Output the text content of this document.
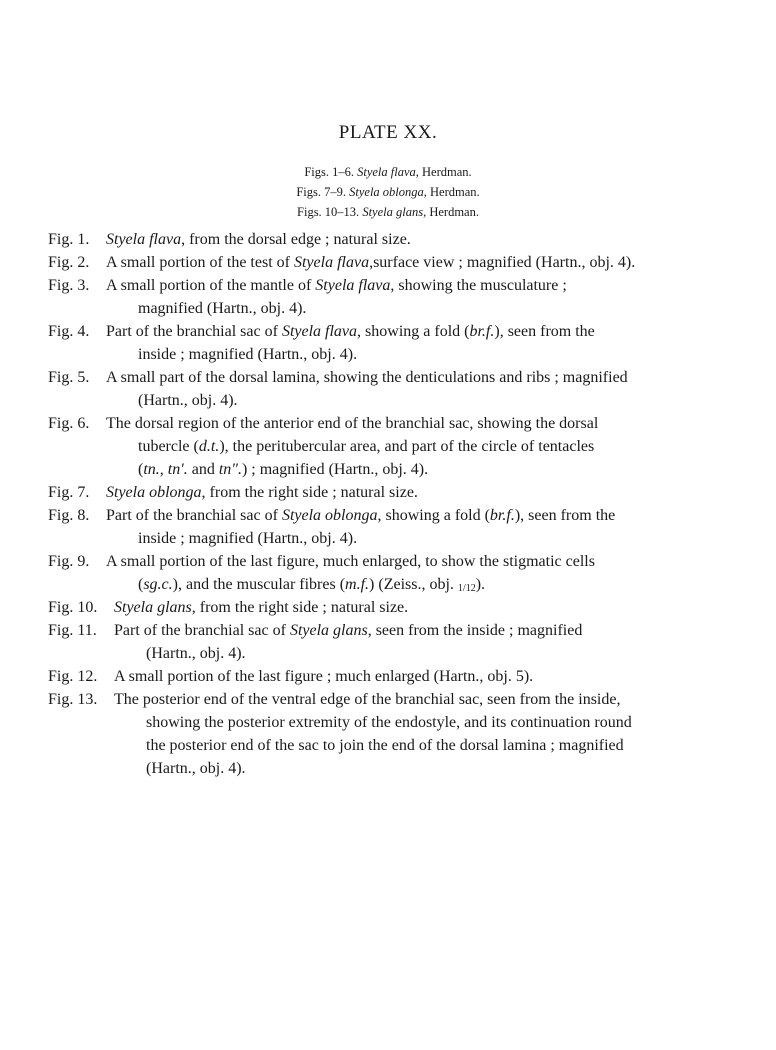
PLATE XX.
Figs. 1–6. Styela flava, Herdman.
Figs. 7–9. Styela oblonga, Herdman.
Figs. 10–13. Styela glans, Herdman.
Fig. 1.	Styela flava, from the dorsal edge ; natural size.
Fig. 2.	A small portion of the test of Styela flava,surface view ; magnified (Hartn., obj. 4).
Fig. 3.	A small portion of the mantle of Styela flava, showing the musculature ;
magnified (Hartn., obj. 4).
Fig. 4.	Part of the branchial sac of Styela flava, showing a fold (br.f.), seen from the
inside ; magnified (Hartn., obj. 4).
Fig. 5.	A small part of the dorsal lamina, showing the denticulations and ribs ; magnified
(Hartn., obj. 4).
Fig. 6.	The dorsal region of the anterior end of the branchial sac, showing the dorsal
tubercle (d.t.), the peritubercular area, and part of the circle of tentacles
(tn., tn′. and tn″.) ; magnified (Hartn., obj. 4).
Fig. 7.	Styela oblonga, from the right side ; natural size.
Fig. 8.	Part of the branchial sac of Styela oblonga, showing a fold (br.f.), seen from the
inside ; magnified (Hartn., obj. 4).
Fig. 9.	A small portion of the last figure, much enlarged, to show the stigmatic cells
(sg.c.), and the muscular fibres (m.f.) (Zeiss., obj. 1/12).
Fig. 10.	Styela glans, from the right side ; natural size.
Fig. 11.	Part of the branchial sac of Styela glans, seen from the inside ; magnified
(Hartn., obj. 4).
Fig. 12.	A small portion of the last figure ; much enlarged (Hartn., obj. 5).
Fig. 13.	The posterior end of the ventral edge of the branchial sac, seen from the inside,
showing the posterior extremity of the endostyle, and its continuation round
the posterior end of the sac to join the end of the dorsal lamina ; magnified
(Hartn., obj. 4).
